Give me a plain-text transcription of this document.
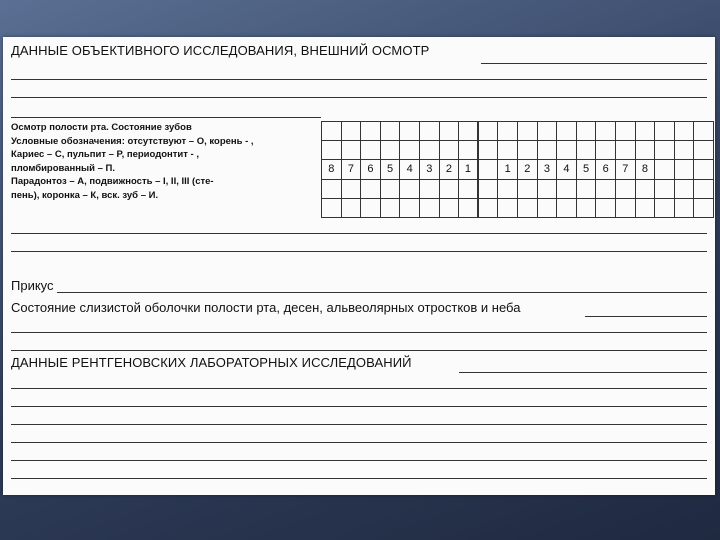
ДАННЫЕ ОБЪЕКТИВНОГО ИССЛЕДОВАНИЯ, ВНЕШНИЙ ОСМОТР
Осмотр полости рта. Состояние зубов
Условные обозначения: отсутствуют – О, корень - ,
Кариес – С, пульпит – Р, периодонтит - ,
пломбированный – П.
Парадонтоз – А, подвижность – I, II, III (сте-
пень), коронка – К, вск. зуб – И.
8	7	6	5	4	3	2	1	1	2	3	4	5	6	7	8
Прикус
Состояние слизистой оболочки полости рта, десен, альвеолярных отростков и неба
ДАННЫЕ РЕНТГЕНОВСКИХ ЛАБОРАТОРНЫХ ИССЛЕДОВАНИЙ
